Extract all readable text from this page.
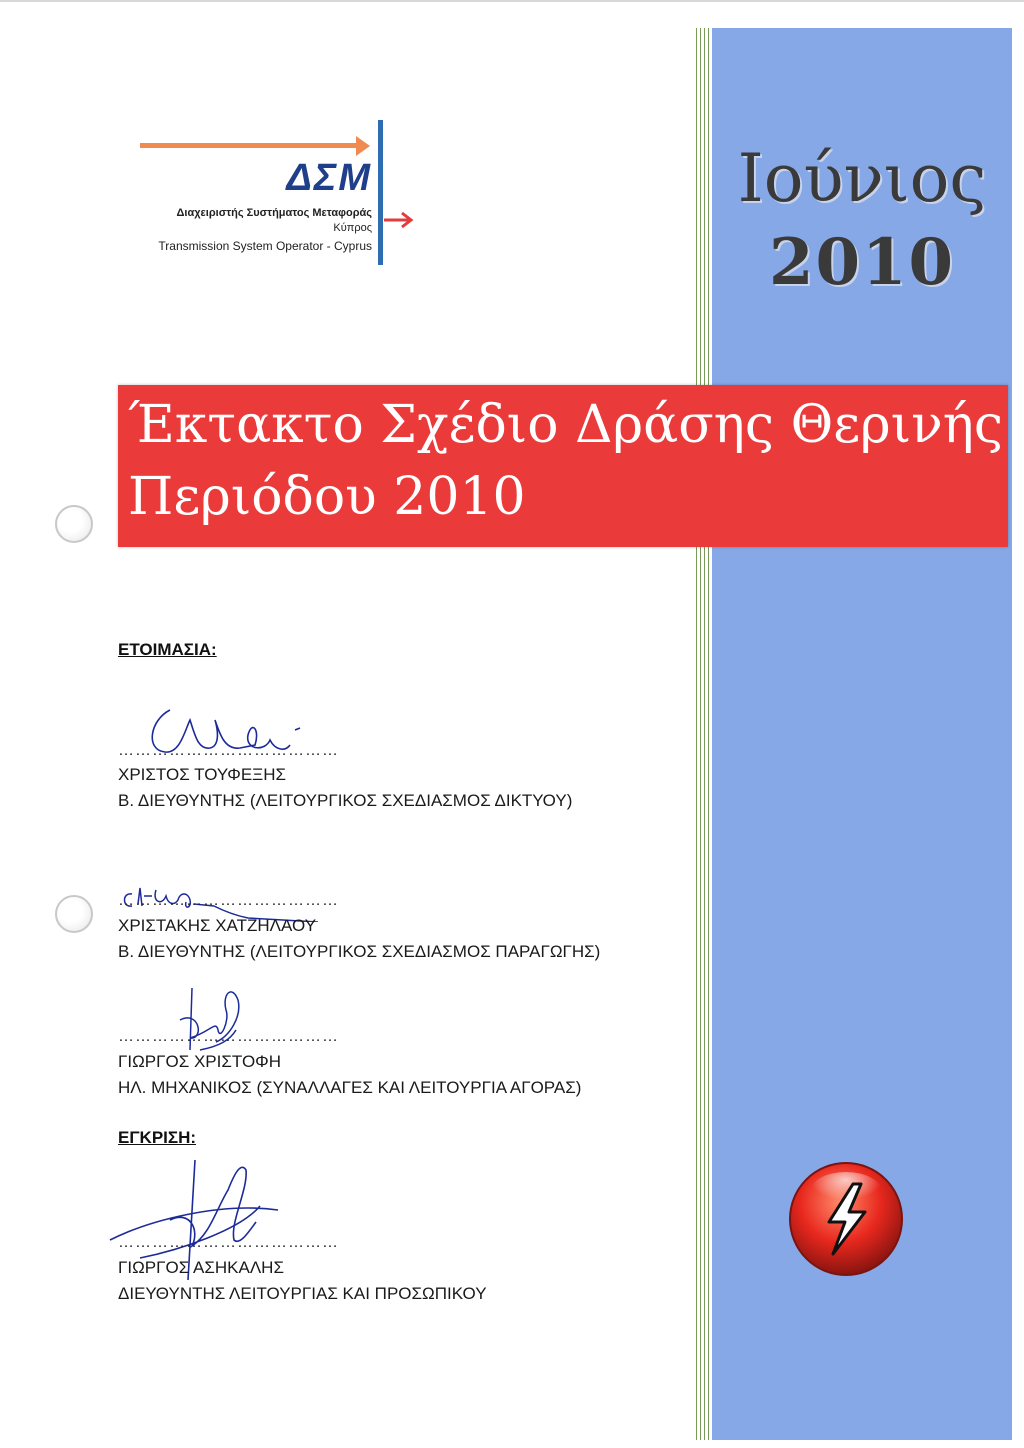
ΔΣΜ
Διαχειριστής Συστήματος Μεταφοράς
Κύπρος
Transmission System Operator - Cyprus
Ιούνιος
2010
Έκτακτο Σχέδιο Δράσης Θερινής
Περιόδου 2010
ΕΤΟΙΜΑΣΙΑ:
…………………………………
ΧΡΙΣΤΟΣ ΤΟΥΦΕΞΗΣ
Β. ΔΙΕΥΘΥΝΤΗΣ (ΛΕΙΤΟΥΡΓΙΚΟΣ ΣΧΕΔΙΑΣΜΟΣ ΔΙΚΤΥΟΥ)
…………………………………
ΧΡΙΣΤΑΚΗΣ ΧΑΤΖΗΛΑΟΥ
Β. ΔΙΕΥΘΥΝΤΗΣ (ΛΕΙΤΟΥΡΓΙΚΟΣ ΣΧΕΔΙΑΣΜΟΣ ΠΑΡΑΓΩΓΗΣ)
…………………………………
ΓΙΩΡΓΟΣ ΧΡΙΣΤΟΦΗ
ΗΛ. ΜΗΧΑΝΙΚΟΣ (ΣΥΝΑΛΛΑΓΕΣ ΚΑΙ ΛΕΙΤΟΥΡΓΙΑ ΑΓΟΡΑΣ)
ΕΓΚΡΙΣΗ:
…………………………………
ΓΙΩΡΓΟΣ ΑΣΗΚΑΛΗΣ
ΔΙΕΥΘΥΝΤΗΣ ΛΕΙΤΟΥΡΓΙΑΣ ΚΑΙ ΠΡΟΣΩΠΙΚΟΥ
